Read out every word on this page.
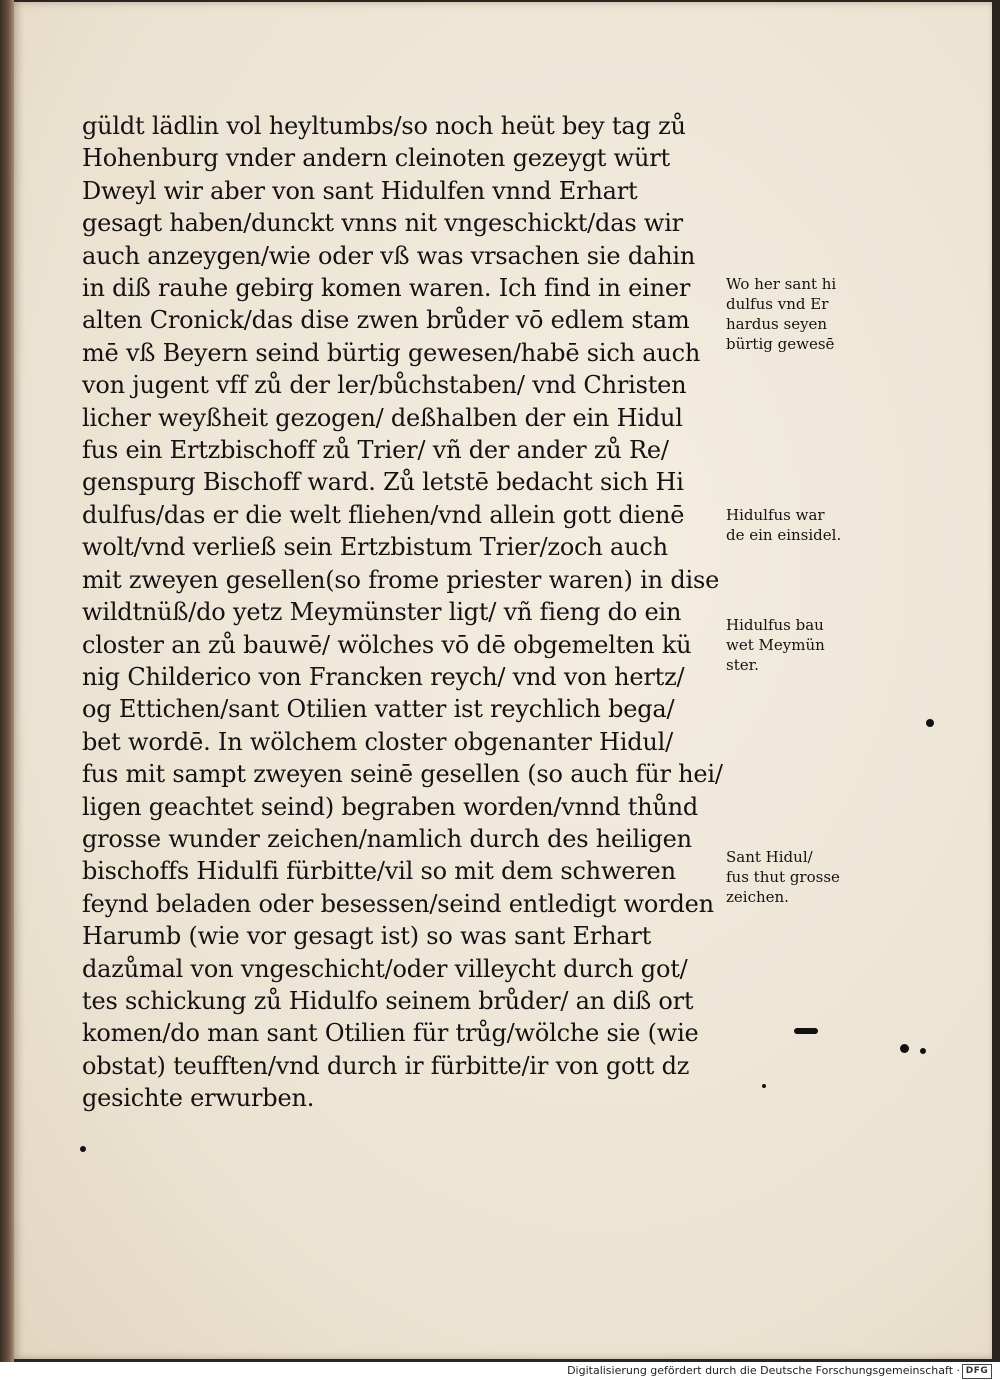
güldt lädlin vol heyltumbs/so noch heüt bey tag zů
Hohenburg vnder andern cleinoten gezeygt würt
Dweyl wir aber von sant Hidulfen vnnd Erhart
gesagt haben/dunckt vnns nit vngeschickt/das wir
auch anzeygen/wie oder vß was vrsachen sie dahin
in diß rauhe gebirg komen waren. Ich find in einer
alten Cronick/das dise zwen brůder vō edlem stam
mē vß Beyern seind bürtig gewesen/habē sich auch
von jugent vff zů der ler/bůchstaben/ vnd Christen
licher weyßheit gezogen/ deßhalben der ein Hidul
fus ein Ertzbischoff zů Trier/ vñ der ander zů Re/
genspurg Bischoff ward. Zů letstē bedacht sich Hi
dulfus/das er die welt fliehen/vnd allein gott dienē
wolt/vnd verließ sein Ertzbistum Trier/zoch auch
mit zweyen gesellen(so frome priester waren) in dise
wildtnüß/do yetz Meymünster ligt/ vñ fieng do ein
closter an zů bauwē/ wölches vō dē obgemelten kü
nig Childerico von Francken reych/ vnd von hertz/
og Ettichen/sant Otilien vatter ist reychlich bega/
bet wordē. In wölchem closter obgenanter Hidul/
fus mit sampt zweyen seinē gesellen (so auch für hei/
ligen geachtet seind) begraben worden/vnnd thůnd
grosse wunder zeichen/namlich durch des heiligen
bischoffs Hidulfi fürbitte/vil so mit dem schweren
feynd beladen oder besessen/seind entledigt worden
Harumb (wie vor gesagt ist) so was sant Erhart
dazůmal von vngeschicht/oder villeycht durch got/
tes schickung zů Hidulfo seinem brůder/ an diß ort
komen/do man sant Otilien für trůg/wölche sie (wie
obstat) teufften/vnd durch ir fürbitte/ir von gott dz
gesichte erwurben.
Wo her sant hi
dulfus vnd Er
hardus seyen
bürtig gewesē
Hidulfus war
de ein einsidel.
Hidulfus bau
wet Meymün
ster.
Sant Hidul/
fus thut grosse
zeichen.
Digitalisierung gefördert durch die Deutsche Forschungsgemeinschaft · DFG
